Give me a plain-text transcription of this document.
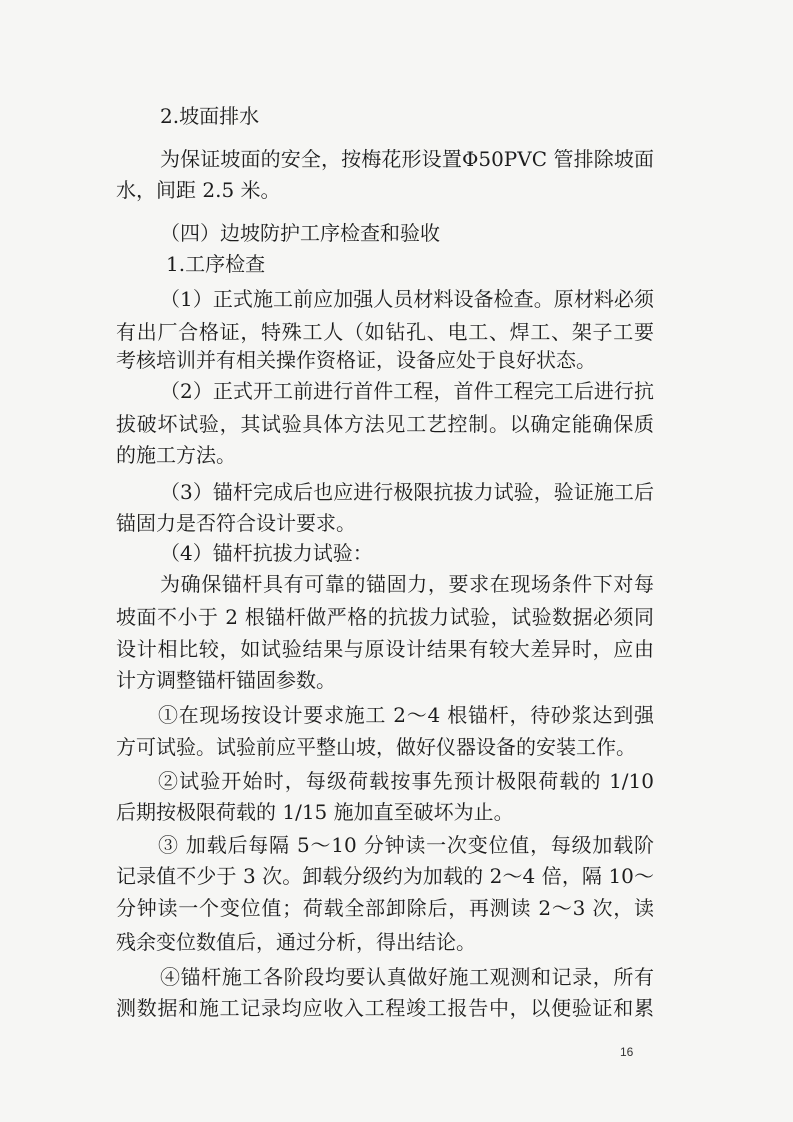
2.坡面排水
为保证坡面的安全，按梅花形设置Φ50PVC 管排除坡面
水，间距 2.5 米。
（四）边坡防护工序检查和验收
1.工序检查
（1）正式施工前应加强人员材料设备检查。原材料必须
有出厂合格证，特殊工人（如钻孔、电工、焊工、架子工要
考核培训并有相关操作资格证，设备应处于良好状态。
（2）正式开工前进行首件工程，首件工程完工后进行抗
拔破坏试验，其试验具体方法见工艺控制。以确定能确保质
的施工方法。
（3）锚杆完成后也应进行极限抗拔力试验，验证施工后
锚固力是否符合设计要求。
（4）锚杆抗拔力试验：
为确保锚杆具有可靠的锚固力，要求在现场条件下对每
坡面不小于 2 根锚杆做严格的抗拔力试验，试验数据必须同
设计相比较，如试验结果与原设计结果有较大差异时，应由
计方调整锚杆锚固参数。
①在现场按设计要求施工 2～4 根锚杆，待砂浆达到强
方可试验。试验前应平整山坡，做好仪器设备的安装工作。
②试验开始时，每级荷载按事先预计极限荷载的 1/10
后期按极限荷载的 1/15 施加直至破坏为止。
③ 加载后每隔 5～10 分钟读一次变位值，每级加载阶
记录值不少于 3 次。卸载分级约为加载的 2～4 倍，隔 10～
分钟读一个变位值；荷载全部卸除后，再测读 2～3 次，读
残余变位数值后，通过分析，得出结论。
④锚杆施工各阶段均要认真做好施工观测和记录，所有
测数据和施工记录均应收入工程竣工报告中，以便验证和累
16
